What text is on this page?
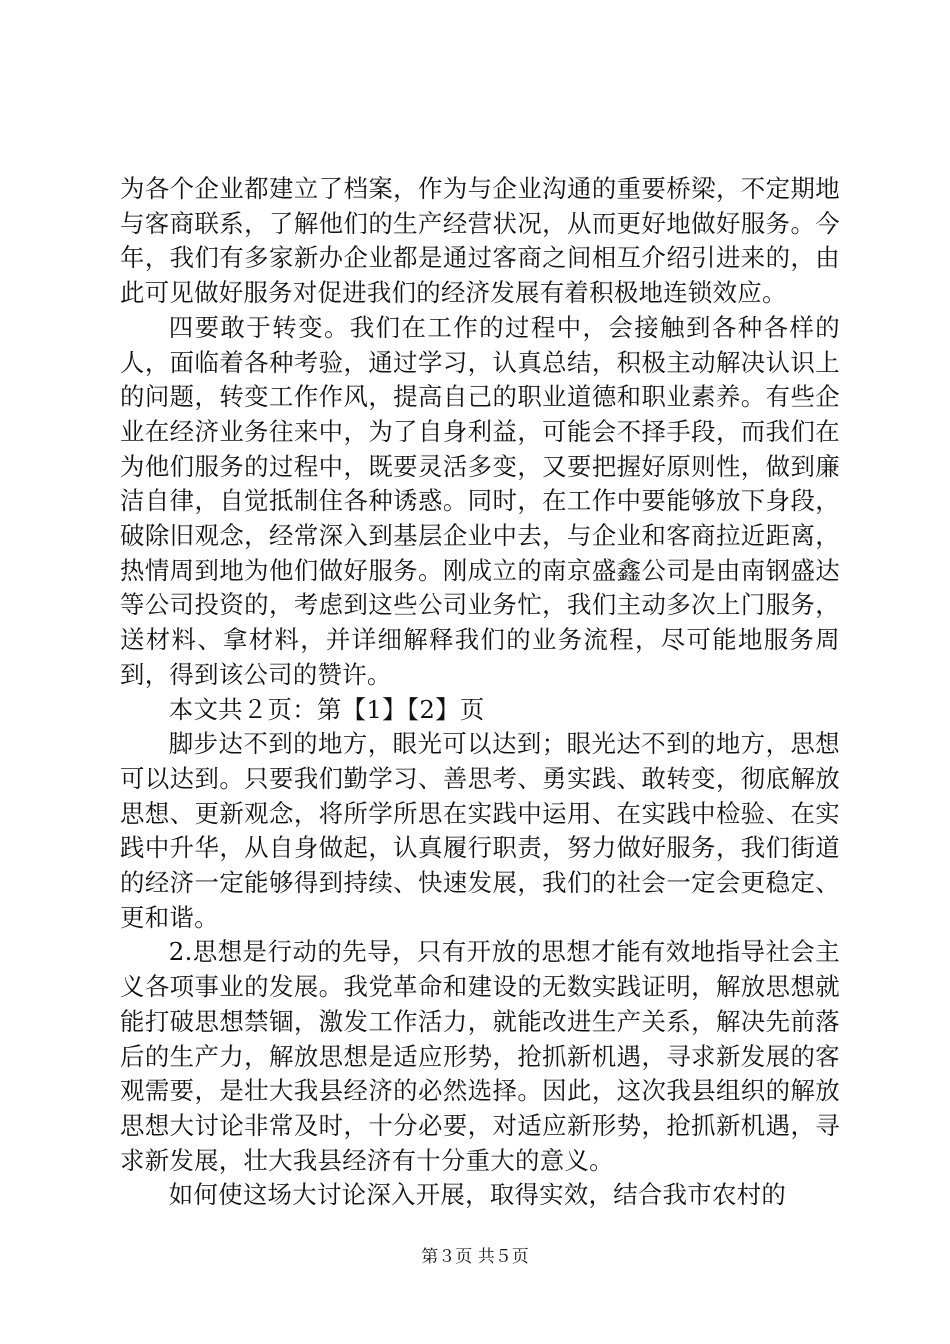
为各个企业都建立了档案，作为与企业沟通的重要桥梁，不定期地与客商联系，了解他们的生产经营状况，从而更好地做好服务。今年，我们有多家新办企业都是通过客商之间相互介绍引进来的，由此可见做好服务对促进我们的经济发展有着积极地连锁效应。

四要敢于转变。我们在工作的过程中，会接触到各种各样的人，面临着各种考验，通过学习，认真总结，积极主动解决认识上的问题，转变工作作风，提高自己的职业道德和职业素养。有些企业在经济业务往来中，为了自身利益，可能会不择手段，而我们在为他们服务的过程中，既要灵活多变，又要把握好原则性，做到廉洁自律，自觉抵制住各种诱惑。同时，在工作中要能够放下身段，破除旧观念，经常深入到基层企业中去，与企业和客商拉近距离，热情周到地为他们做好服务。刚成立的南京盛鑫公司是由南钢盛达等公司投资的，考虑到这些公司业务忙，我们主动多次上门服务，送材料、拿材料，并详细解释我们的业务流程，尽可能地服务周到，得到该公司的赞许。

本文共２页：第【1】【2】页

脚步达不到的地方，眼光可以达到；眼光达不到的地方，思想可以达到。只要我们勤学习、善思考、勇实践、敢转变，彻底解放思想、更新观念，将所学所思在实践中运用、在实践中检验、在实践中升华，从自身做起，认真履行职责，努力做好服务，我们街道的经济一定能够得到持续、快速发展，我们的社会一定会更稳定、更和谐。

2.思想是行动的先导，只有开放的思想才能有效地指导社会主义各项事业的发展。我党革命和建设的无数实践证明，解放思想就能打破思想禁锢，激发工作活力，就能改进生产关系，解决先前落后的生产力，解放思想是适应形势，抢抓新机遇，寻求新发展的客观需要，是壮大我县经济的必然选择。因此，这次我县组织的解放思想大讨论非常及时，十分必要，对适应新形势，抢抓新机遇，寻求新发展，壮大我县经济有十分重大的意义。

如何使这场大讨论深入开展，取得实效，结合我市农村的

第３页 共５页
